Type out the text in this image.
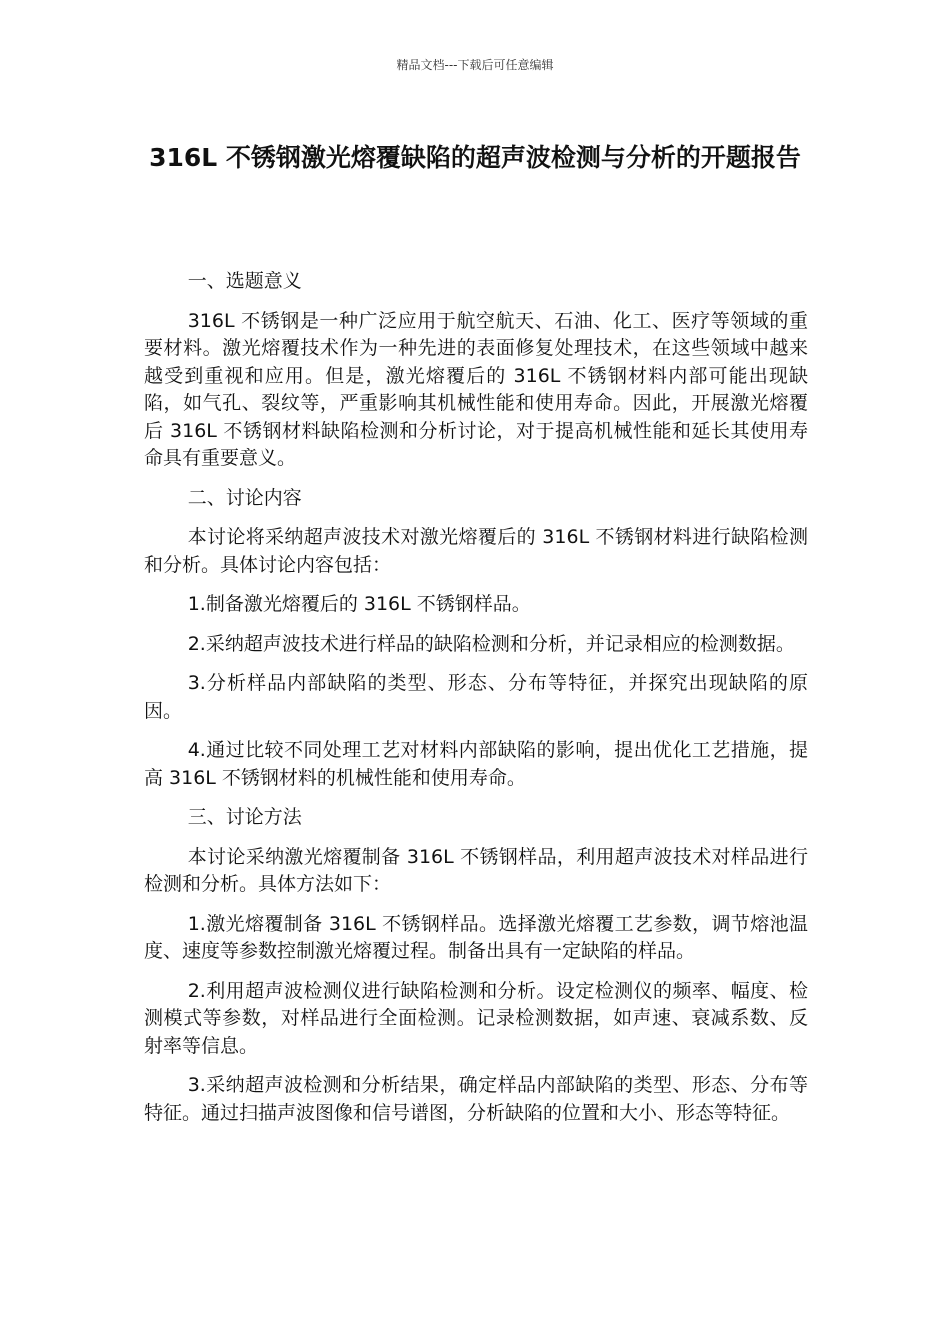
精品文档---下载后可任意编辑
316L 不锈钢激光熔覆缺陷的超声波检测与分析的开题报告

一、选题意义

316L 不锈钢是一种广泛应用于航空航天、石油、化工、医疗等领域的重要材料。激光熔覆技术作为一种先进的表面修复处理技术，在这些领域中越来越受到重视和应用。但是，激光熔覆后的 316L 不锈钢材料内部可能出现缺陷，如气孔、裂纹等，严重影响其机械性能和使用寿命。因此，开展激光熔覆后 316L 不锈钢材料缺陷检测和分析讨论，对于提高机械性能和延长其使用寿命具有重要意义。

二、讨论内容

本讨论将采纳超声波技术对激光熔覆后的 316L 不锈钢材料进行缺陷检测和分析。具体讨论内容包括：

1.制备激光熔覆后的 316L 不锈钢样品。

2.采纳超声波技术进行样品的缺陷检测和分析，并记录相应的检测数据。

3.分析样品内部缺陷的类型、形态、分布等特征，并探究出现缺陷的原因。

4.通过比较不同处理工艺对材料内部缺陷的影响，提出优化工艺措施，提高 316L 不锈钢材料的机械性能和使用寿命。

三、讨论方法

本讨论采纳激光熔覆制备 316L 不锈钢样品，利用超声波技术对样品进行检测和分析。具体方法如下：

1.激光熔覆制备 316L 不锈钢样品。选择激光熔覆工艺参数，调节熔池温度、速度等参数控制激光熔覆过程。制备出具有一定缺陷的样品。

2.利用超声波检测仪进行缺陷检测和分析。设定检测仪的频率、幅度、检测模式等参数，对样品进行全面检测。记录检测数据，如声速、衰减系数、反射率等信息。

3.采纳超声波检测和分析结果，确定样品内部缺陷的类型、形态、分布等特征。通过扫描声波图像和信号谱图，分析缺陷的位置和大小、形态等特征。
